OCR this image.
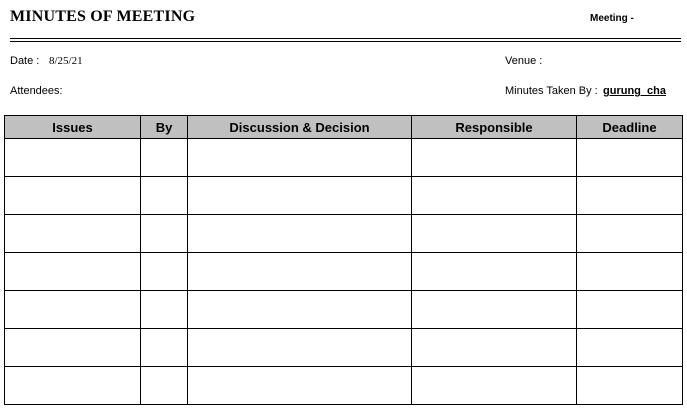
MINUTES OF MEETING	Meeting -
Date : 8/25/21	Venue :
Attendees:	Minutes Taken By : gurung_cha
Issues	By	Discussion & Decision	Responsible	Deadline
